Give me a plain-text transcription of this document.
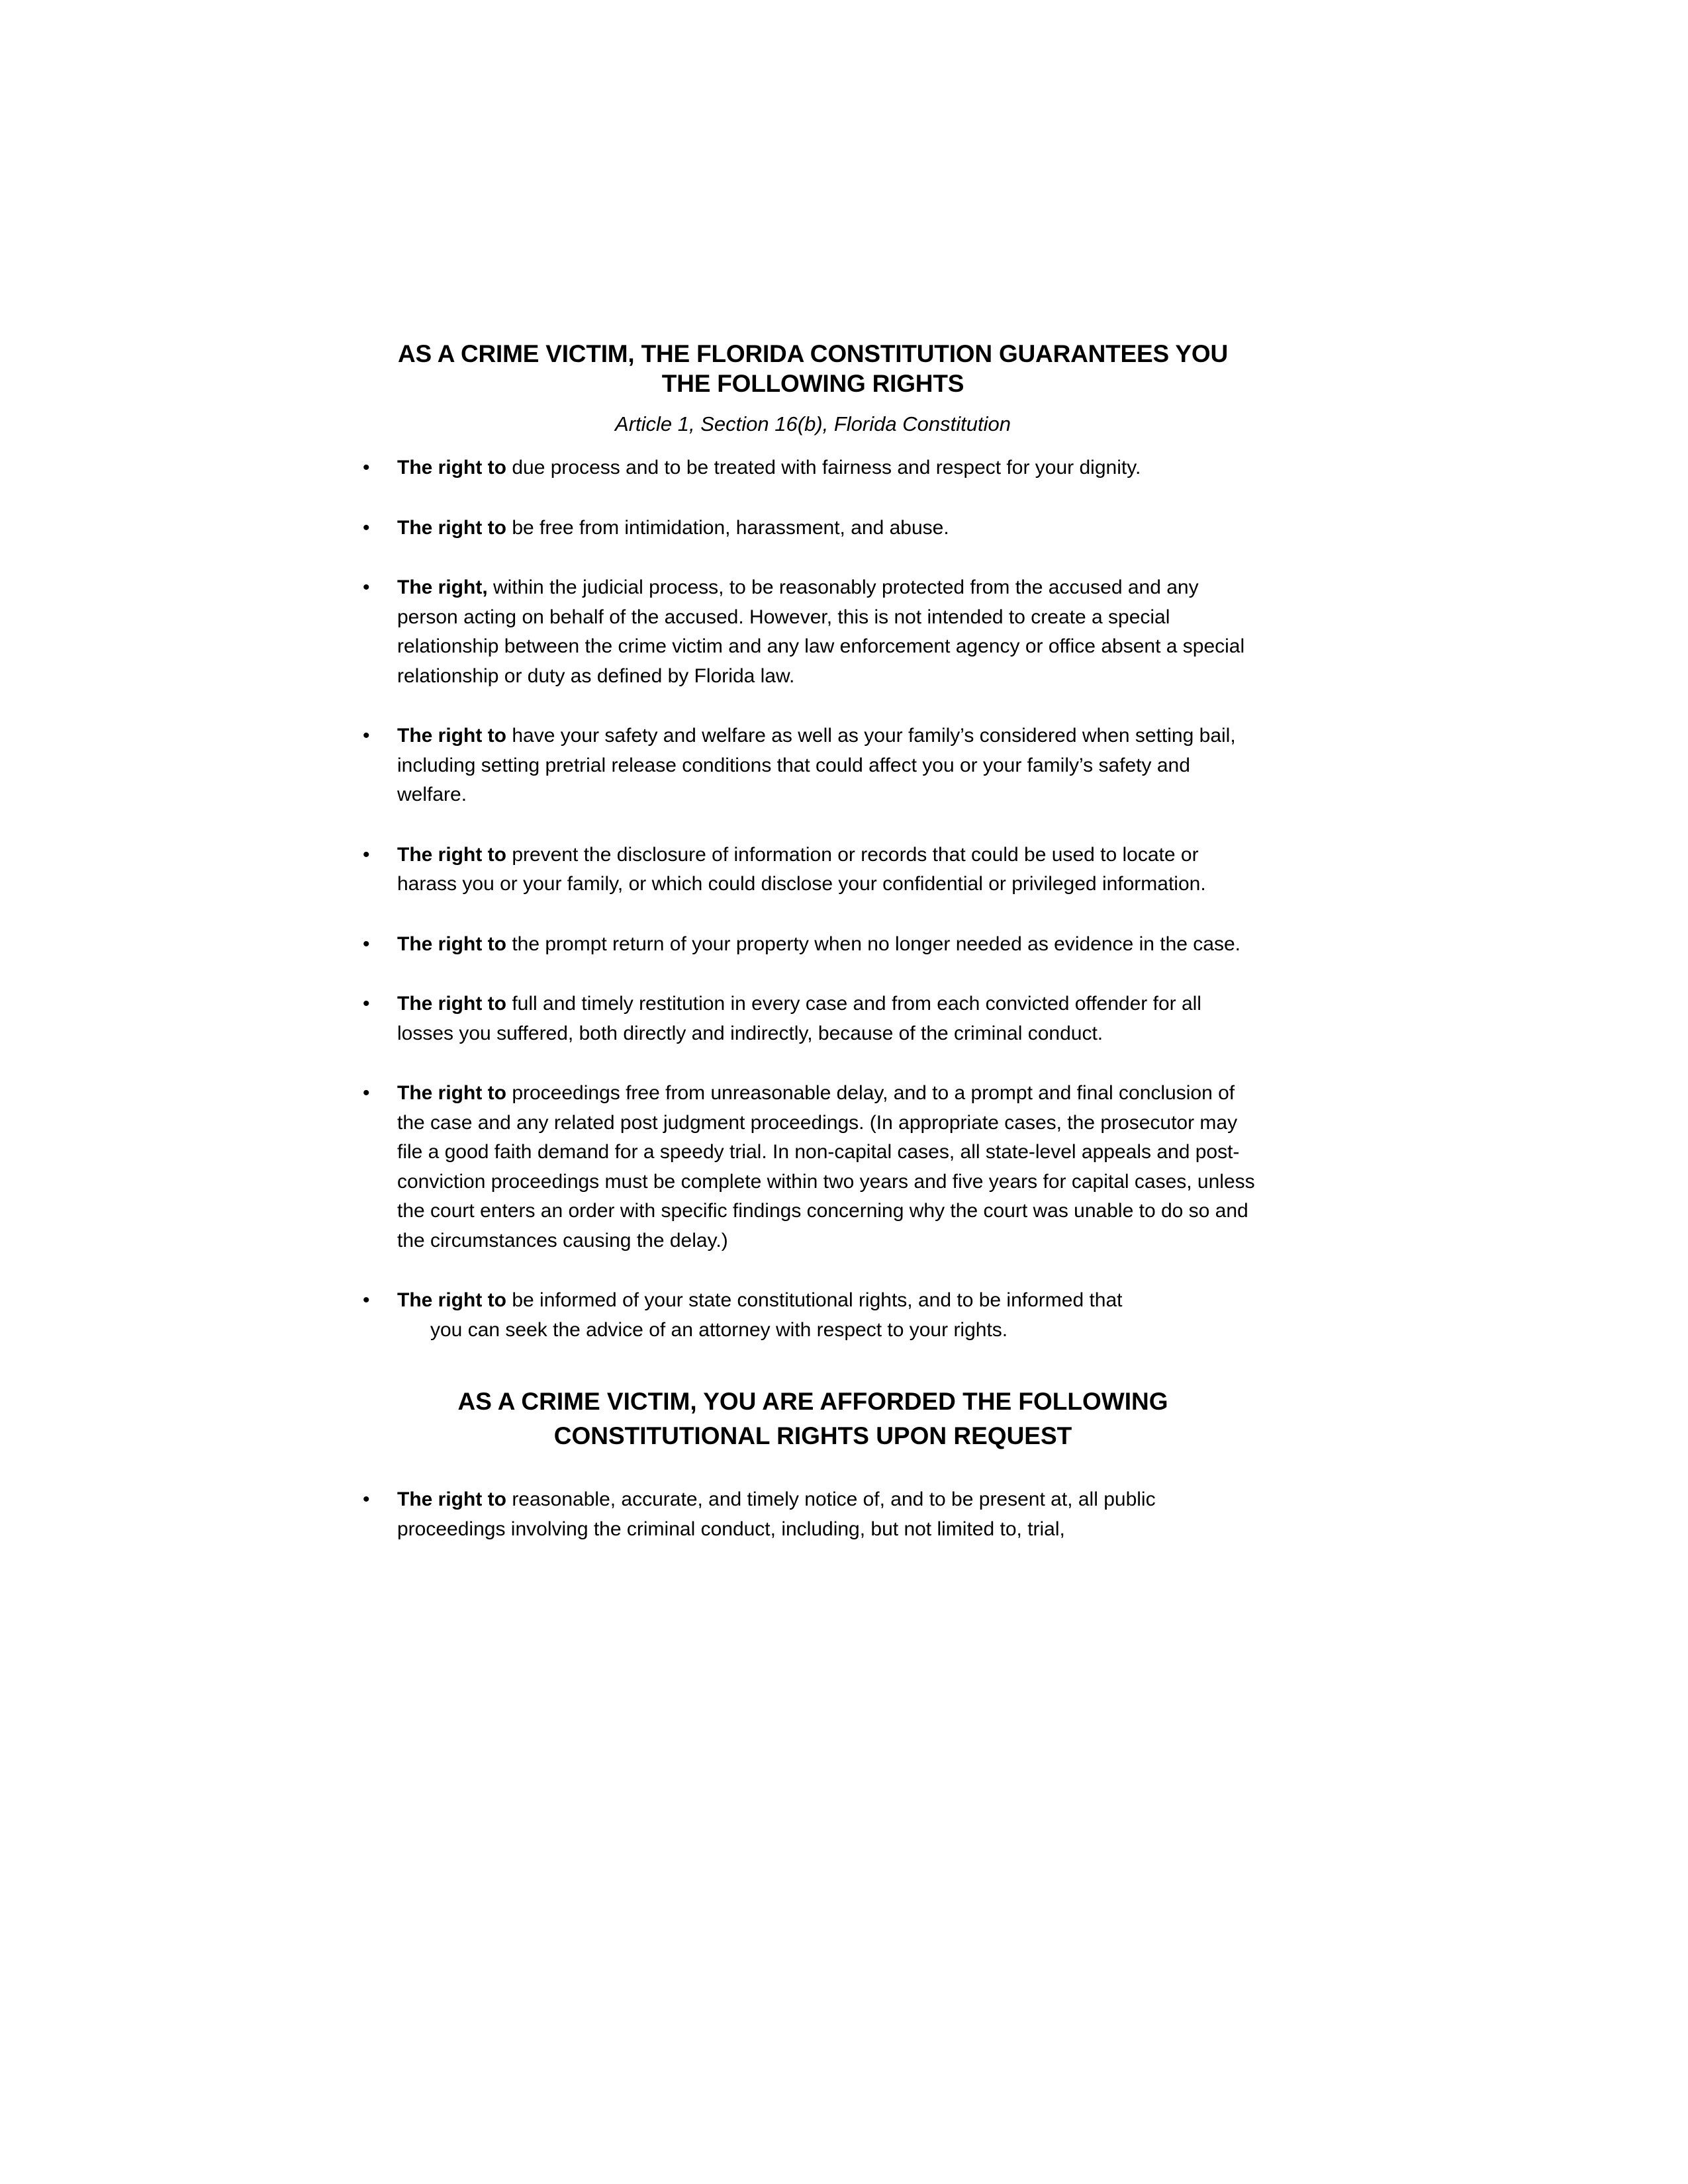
AS A CRIME VICTIM, THE FLORIDA CONSTITUTION GUARANTEES YOU
THE FOLLOWING RIGHTS
Article 1, Section 16(b), Florida Constitution
•	The right to due process and to be treated with fairness and respect for your dignity.
•	The right to be free from intimidation, harassment, and abuse.
•	The right, within the judicial process, to be reasonably protected from the accused and any person acting on behalf of the accused. However, this is not intended to create a special relationship between the crime victim and any law enforcement agency or office absent a special relationship or duty as defined by Florida law.
•	The right to have your safety and welfare as well as your family’s considered when setting bail, including setting pretrial release conditions that could affect you or your family’s safety and welfare.
•	The right to prevent the disclosure of information or records that could be used to locate or harass you or your family, or which could disclose your confidential or privileged information.
•	The right to the prompt return of your property when no longer needed as evidence in the case.
•	The right to full and timely restitution in every case and from each convicted offender for all losses you suffered, both directly and indirectly, because of the criminal conduct.
•	The right to proceedings free from unreasonable delay, and to a prompt and final conclusion of the case and any related post judgment proceedings. (In appropriate cases, the prosecutor may file a good faith demand for a speedy trial. In non-capital cases, all state-level appeals and post-conviction proceedings must be complete within two years and five years for capital cases, unless the court enters an order with specific findings concerning why the court was unable to do so and the circumstances causing the delay.)
•	The right to be informed of your state constitutional rights, and to be informed that
you can seek the advice of an attorney with respect to your rights.
AS A CRIME VICTIM, YOU ARE AFFORDED THE FOLLOWING
CONSTITUTIONAL RIGHTS UPON REQUEST
•	The right to reasonable, accurate, and timely notice of, and to be present at, all public proceedings involving the criminal conduct, including, but not limited to, trial,
